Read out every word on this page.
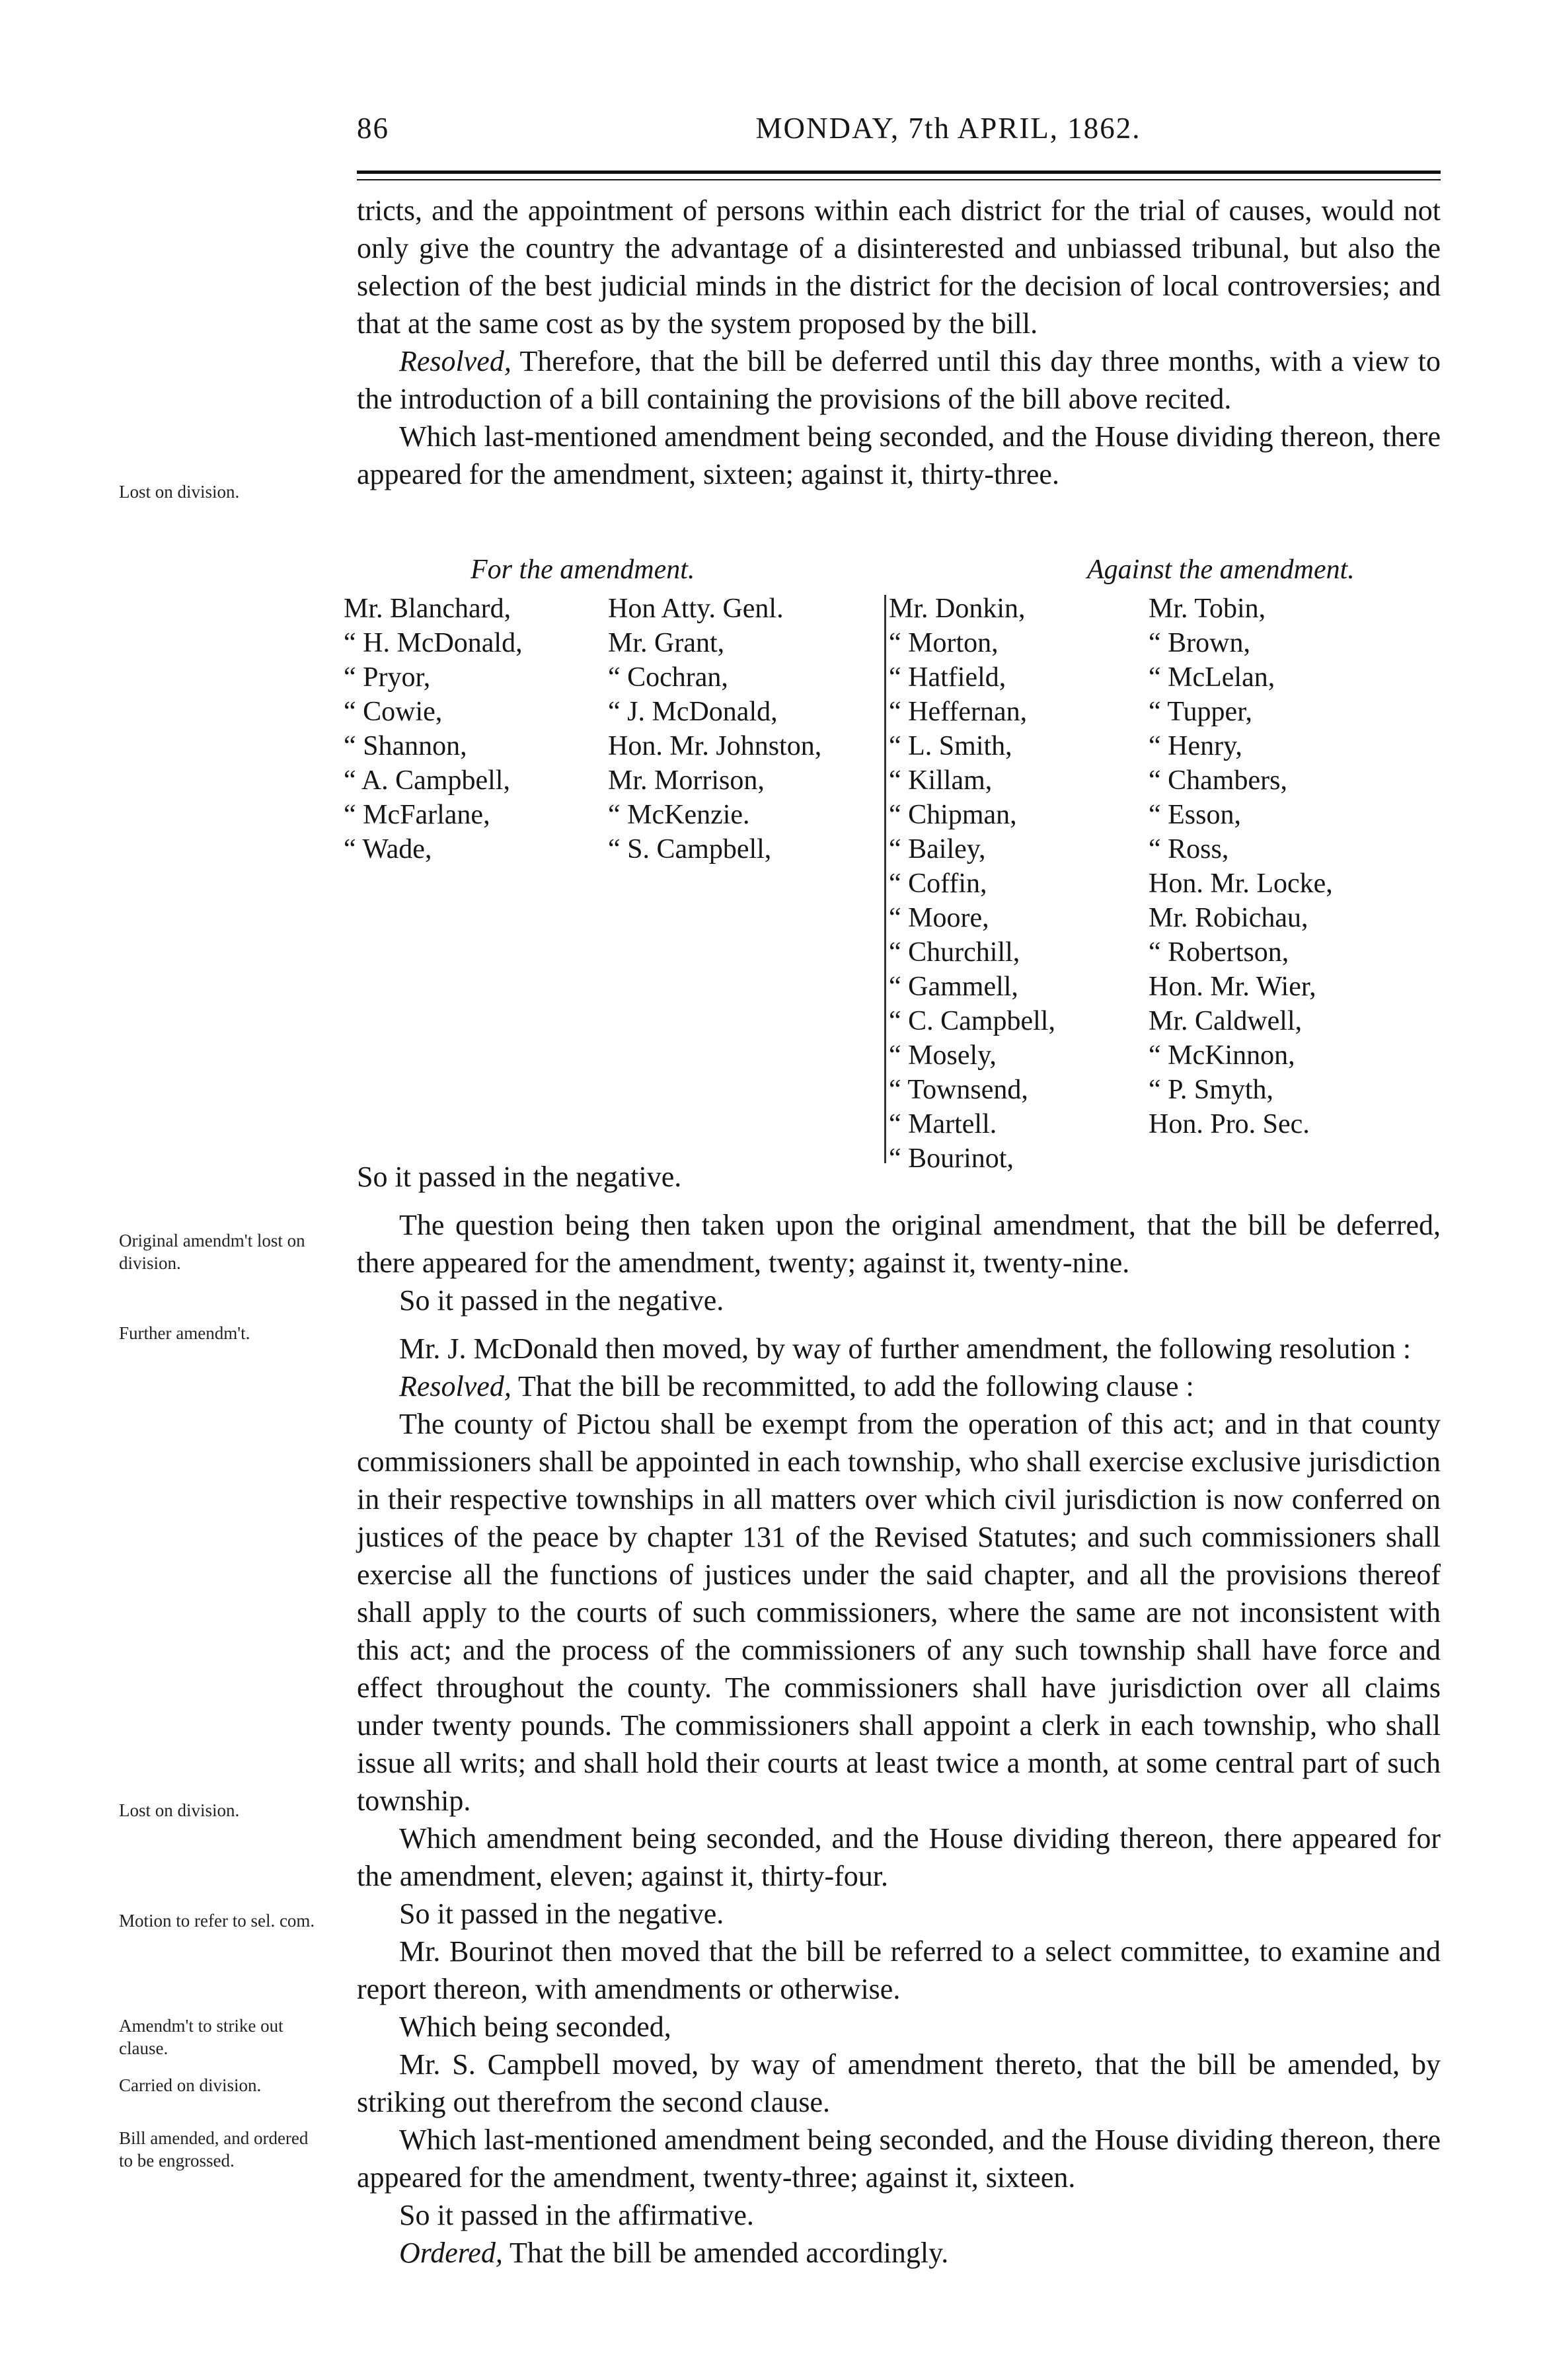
86	MONDAY, 7th APRIL, 1862.
Lost on division.
Original amendm't lost on division.
Further amendm't.
Lost on division.
Motion to refer to sel. com.
Amendm't to strike out clause.
Carried on division.
Bill amended, and ordered to be engrossed.

tricts, and the appointment of persons within each district for the trial of causes, would not only give the country the advantage of a disinterested and unbiassed tribunal, but also the selection of the best judicial minds in the district for the decision of local controversies; and that at the same cost as by the system proposed by the bill.

Resolved, Therefore, that the bill be deferred until this day three months, with a view to the introduction of a bill containing the provisions of the bill above recited.

Which last-mentioned amendment being seconded, and the House dividing thereon, there appeared for the amendment, sixteen; against it, thirty-three.

For the amendment.	Against the amendment.
Mr. Blanchard,
“ H. McDonald,
“ Pryor,
“ Cowie,
“ Shannon,
“ A. Campbell,
“ McFarlane,
“ Wade,
Hon Atty. Genl.
Mr. Grant,
“ Cochran,
“ J. McDonald,
Hon. Mr. Johnston,
Mr. Morrison,
“ McKenzie.
“ S. Campbell,
Mr. Donkin,
“ Morton,
“ Hatfield,
“ Heffernan,
“ L. Smith,
“ Killam,
“ Chipman,
“ Bailey,
“ Coffin,
“ Moore,
“ Churchill,
“ Gammell,
“ C. Campbell,
“ Mosely,
“ Townsend,
“ Martell.
“ Bourinot,
Mr. Tobin,
“ Brown,
“ McLelan,
“ Tupper,
“ Henry,
“ Chambers,
“ Esson,
“ Ross,
Hon. Mr. Locke,
Mr. Robichau,
“ Robertson,
Hon. Mr. Wier,
Mr. Caldwell,
“ McKinnon,
“ P. Smyth,
Hon. Pro. Sec.

So it passed in the negative.

The question being then taken upon the original amendment, that the bill be deferred, there appeared for the amendment, twenty; against it, twenty-nine.

So it passed in the negative.

Mr. J. McDonald then moved, by way of further amendment, the following resolution :

Resolved, That the bill be recommitted, to add the following clause :

The county of Pictou shall be exempt from the operation of this act; and in that county commissioners shall be appointed in each township, who shall exercise exclusive jurisdiction in their respective townships in all matters over which civil jurisdiction is now conferred on justices of the peace by chapter 131 of the Revised Statutes; and such commissioners shall exercise all the functions of justices under the said chapter, and all the provisions thereof shall apply to the courts of such commissioners, where the same are not inconsistent with this act; and the process of the commissioners of any such township shall have force and effect throughout the county. The commissioners shall have jurisdiction over all claims under twenty pounds. The commissioners shall appoint a clerk in each township, who shall issue all writs; and shall hold their courts at least twice a month, at some central part of such township.

Which amendment being seconded, and the House dividing thereon, there appeared for the amendment, eleven; against it, thirty-four.

So it passed in the negative.

Mr. Bourinot then moved that the bill be referred to a select committee, to examine and report thereon, with amendments or otherwise.

Which being seconded,

Mr. S. Campbell moved, by way of amendment thereto, that the bill be amended, by striking out therefrom the second clause.

Which last-mentioned amendment being seconded, and the House dividing thereon, there appeared for the amendment, twenty-three; against it, sixteen.

So it passed in the affirmative.

Ordered, That the bill be amended accordingly.
